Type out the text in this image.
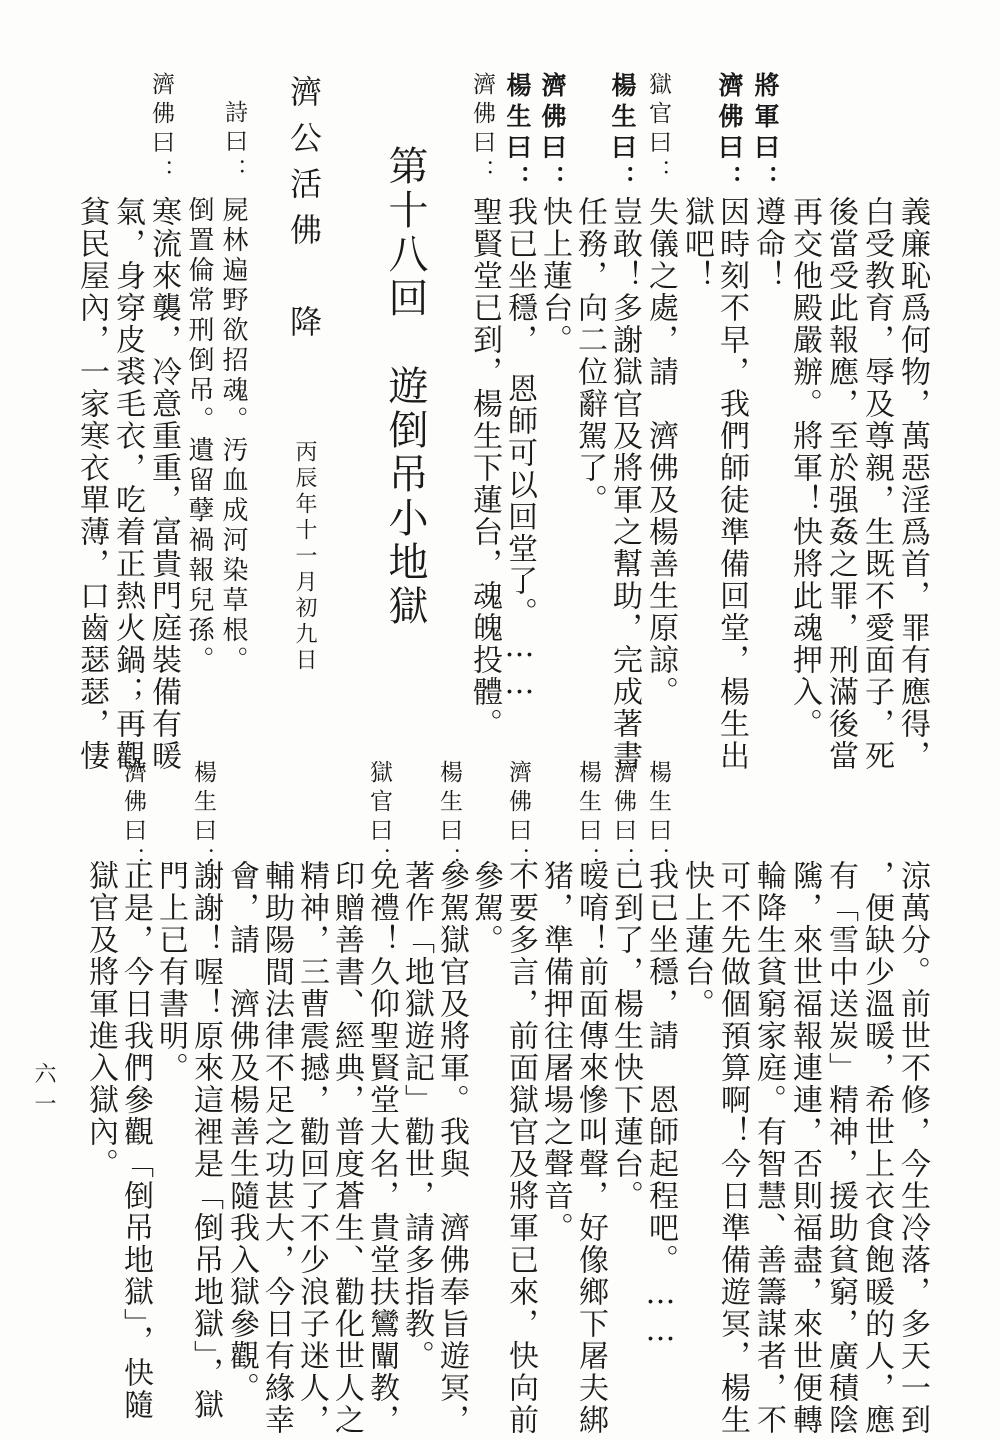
義廉恥爲何物，萬惡淫爲首，罪有應得，
白受教育，辱及尊親，生既不愛面子，死
後當受此報應，至於强姦之罪，刑滿後當
再交他殿嚴辦。將軍！快將此魂押入。
將軍曰：
遵命！
濟佛曰：
因時刻不早，我們師徒準備回堂，楊生出
獄吧！
獄官曰：
失儀之處，請　濟佛及楊善生原諒。
楊生曰：
豈敢！多謝獄官及將軍之幫助，完成著書
任務，向二位辭駕了。
濟佛曰：
快上蓮台。
楊生曰：
我已坐穩，　恩師可以回堂了。……
濟佛曰：
聖賢堂已到，楊生下蓮台，魂魄投體。
第十八回　遊倒吊小地獄
濟公活佛　降
丙辰年十一月初九日
詩曰：
屍林遍野欲招魂。汚血成河染草根。
倒置倫常刑倒吊。遺留孽禍報兒孫。
濟佛曰：
寒流來襲，冷意重重，富貴門庭裝備有暖
氣，身穿皮裘毛衣，吃着正熱火鍋；再觀
貧民屋內，一家寒衣單薄，口齒瑟瑟，悽
涼萬分。前世不修，今生冷落，多天一到
，便缺少溫暖，希世上衣食飽暖的人，應
有「雪中送炭」精神，援助貧窮，廣積陰
隲，來世福報連連，否則福盡，來世便轉
輪降生貧窮家庭。有智慧、善籌謀者，不
可不先做個預算啊！今日準備遊冥，楊生
快上蓮台。
楊生曰：
我已坐穩，請　恩師起程吧。……
濟佛曰：
已到了，楊生快下蓮台。
楊生曰：
暧唷！前面傳來慘叫聲，好像鄉下屠夫綁
猪，準備押往屠場之聲音。
濟佛曰：
不要多言，前面獄官及將軍已來，快向前
參駕。
楊生曰：
參駕獄官及將軍。我與　濟佛奉旨遊冥，
著作「地獄遊記」勸世，請多指教。
獄官曰：
免禮！久仰聖賢堂大名，貴堂扶鸞闡教，
印贈善書、經典，普度蒼生、勸化世人之
精神，三曹震撼，勸回了不少浪子迷人，
輔助陽間法律不足之功甚大，今日有緣幸
會，請　濟佛及楊善生隨我入獄參觀。
楊生曰：
謝謝！喔！原來這裡是「倒吊地獄」，獄
門上已有書明。
濟佛曰：
正是，今日我們參觀「倒吊地獄」，快隨
獄官及將軍進入獄內。
六一
